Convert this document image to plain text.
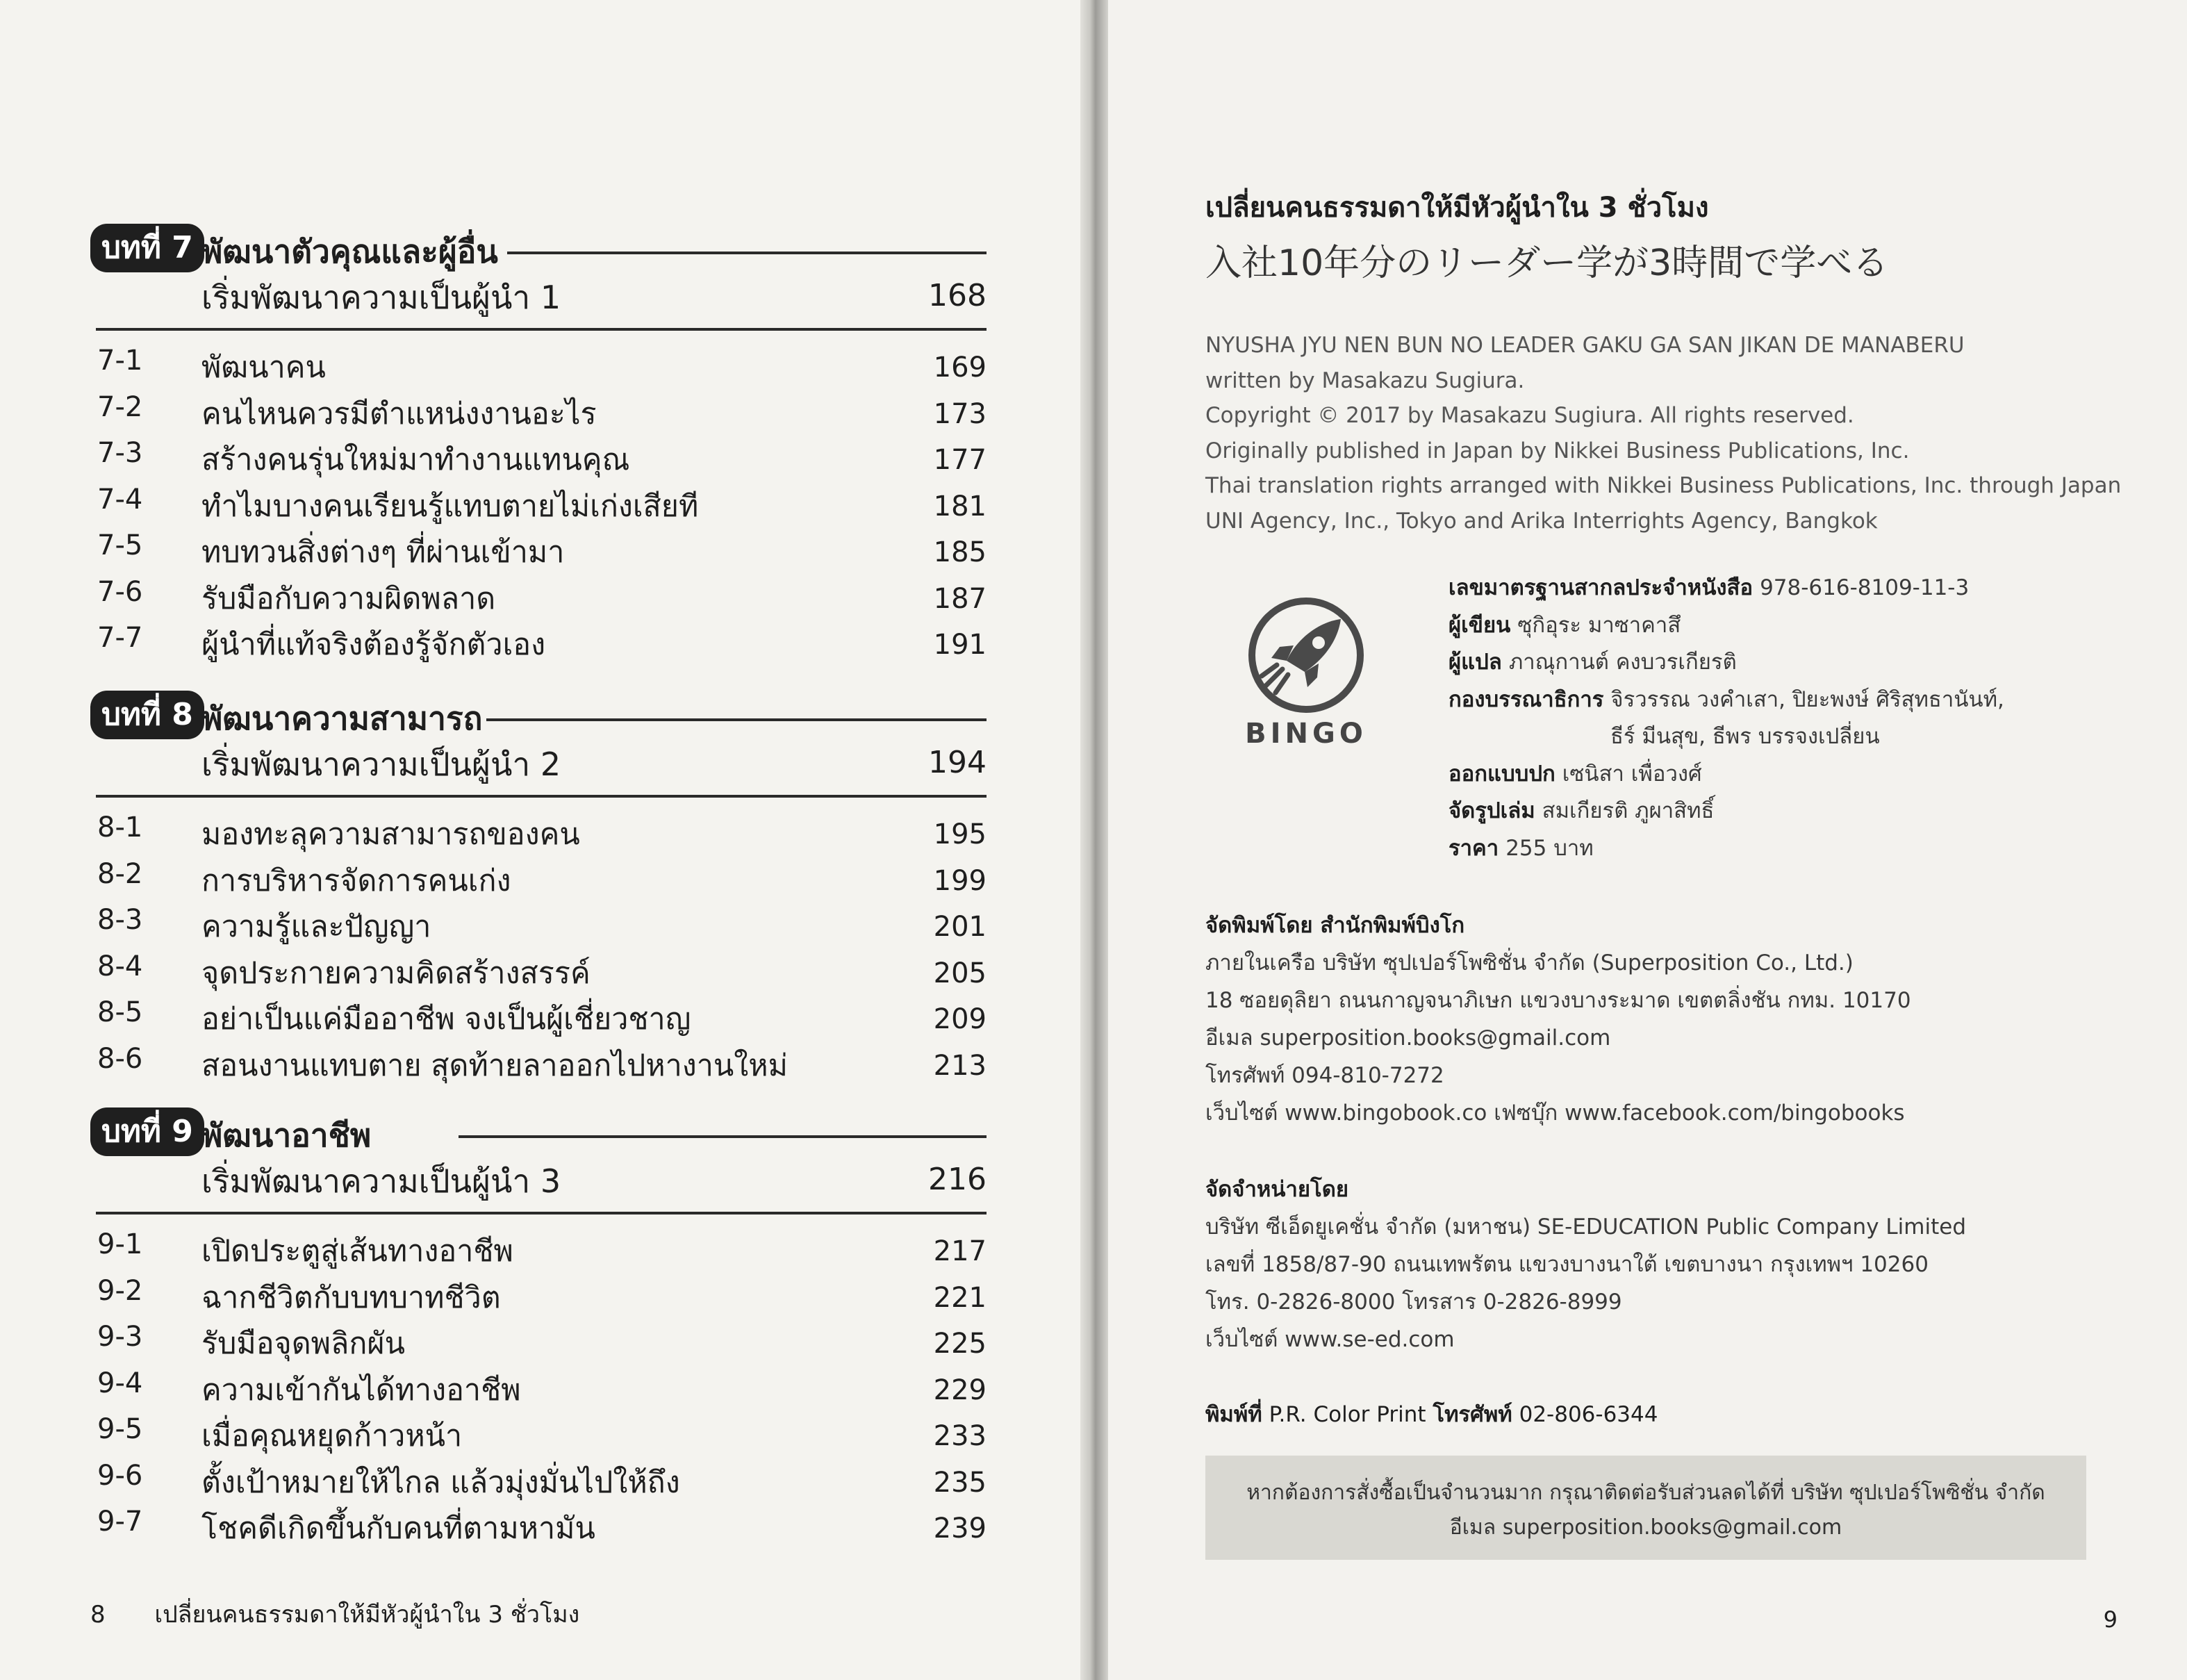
บทที่ 7 พัฒนาตัวคุณและผู้อื่น
เริ่มพัฒนาความเป็นผู้นำ 1	168
7-1 พัฒนาคน	169
7-2 คนไหนควรมีตำแหน่งงานอะไร	173
7-3 สร้างคนรุ่นใหม่มาทำงานแทนคุณ	177
7-4 ทำไมบางคนเรียนรู้แทบตายไม่เก่งเสียที	181
7-5 ทบทวนสิ่งต่างๆ ที่ผ่านเข้ามา	185
7-6 รับมือกับความผิดพลาด	187
7-7 ผู้นำที่แท้จริงต้องรู้จักตัวเอง	191
บทที่ 8 พัฒนาความสามารถ
เริ่มพัฒนาความเป็นผู้นำ 2	194
8-1 มองทะลุความสามารถของคน	195
8-2 การบริหารจัดการคนเก่ง	199
8-3 ความรู้และปัญญา	201
8-4 จุดประกายความคิดสร้างสรรค์	205
8-5 อย่าเป็นแค่มืออาชีพ จงเป็นผู้เชี่ยวชาญ	209
8-6 สอนงานแทบตาย สุดท้ายลาออกไปหางานใหม่	213
บทที่ 9 พัฒนาอาชีพ
เริ่มพัฒนาความเป็นผู้นำ 3	216
9-1 เปิดประตูสู่เส้นทางอาชีพ	217
9-2 ฉากชีวิตกับบทบาทชีวิต	221
9-3 รับมือจุดพลิกผัน	225
9-4 ความเข้ากันได้ทางอาชีพ	229
9-5 เมื่อคุณหยุดก้าวหน้า	233
9-6 ตั้งเป้าหมายให้ไกล แล้วมุ่งมั่นไปให้ถึง	235
9-7 โชคดีเกิดขึ้นกับคนที่ตามหามัน	239
8 เปลี่ยนคนธรรมดาให้มีหัวผู้นำใน 3 ชั่วโมง
เปลี่ยนคนธรรมดาให้มีหัวผู้นำใน 3 ชั่วโมง
入社10年分のリーダー学が3時間で学べる
NYUSHA JYU NEN BUN NO LEADER GAKU GA SAN JIKAN DE MANABERU
written by Masakazu Sugiura.
Copyright © 2017 by Masakazu Sugiura. All rights reserved.
Originally published in Japan by Nikkei Business Publications, Inc.
Thai translation rights arranged with Nikkei Business Publications, Inc. through Japan
UNI Agency, Inc., Tokyo and Arika Interrights Agency, Bangkok
BINGO
เลขมาตรฐานสากลประจำหนังสือ 978-616-8109-11-3
ผู้เขียน ซุกิอุระ มาซาคาสึ
ผู้แปล ภาณุกานต์ คงบวรเกียรติ
กองบรรณาธิการ จิรวรรณ วงคำเสา, ปิยะพงษ์ ศิริสุทธานันท์,
ธีร์ มีนสุข, ธีพร บรรจงเปลี่ยน
ออกแบบปก เซนิสา เพื่อวงศ์
จัดรูปเล่ม สมเกียรติ ภูผาสิทธิ์
ราคา 255 บาท
จัดพิมพ์โดย สำนักพิมพ์บิงโก
ภายในเครือ บริษัท ซุปเปอร์โพซิชั่น จำกัด (Superposition Co., Ltd.)
18 ซอยดุลิยา ถนนกาญจนาภิเษก แขวงบางระมาด เขตตลิ่งชัน กทม. 10170
อีเมล superposition.books@gmail.com
โทรศัพท์ 094-810-7272
เว็บไซต์ www.bingobook.co เฟซบุ๊ก www.facebook.com/bingobooks
จัดจำหน่ายโดย
บริษัท ซีเอ็ดยูเคชั่น จำกัด (มหาชน) SE-EDUCATION Public Company Limited
เลขที่ 1858/87-90 ถนนเทพรัตน แขวงบางนาใต้ เขตบางนา กรุงเทพฯ 10260
โทร. 0-2826-8000 โทรสาร 0-2826-8999
เว็บไซต์ www.se-ed.com
พิมพ์ที่ P.R. Color Print โทรศัพท์ 02-806-6344
หากต้องการสั่งซื้อเป็นจำนวนมาก กรุณาติดต่อรับส่วนลดได้ที่ บริษัท ซุปเปอร์โพซิชั่น จำกัด
อีเมล superposition.books@gmail.com
9
